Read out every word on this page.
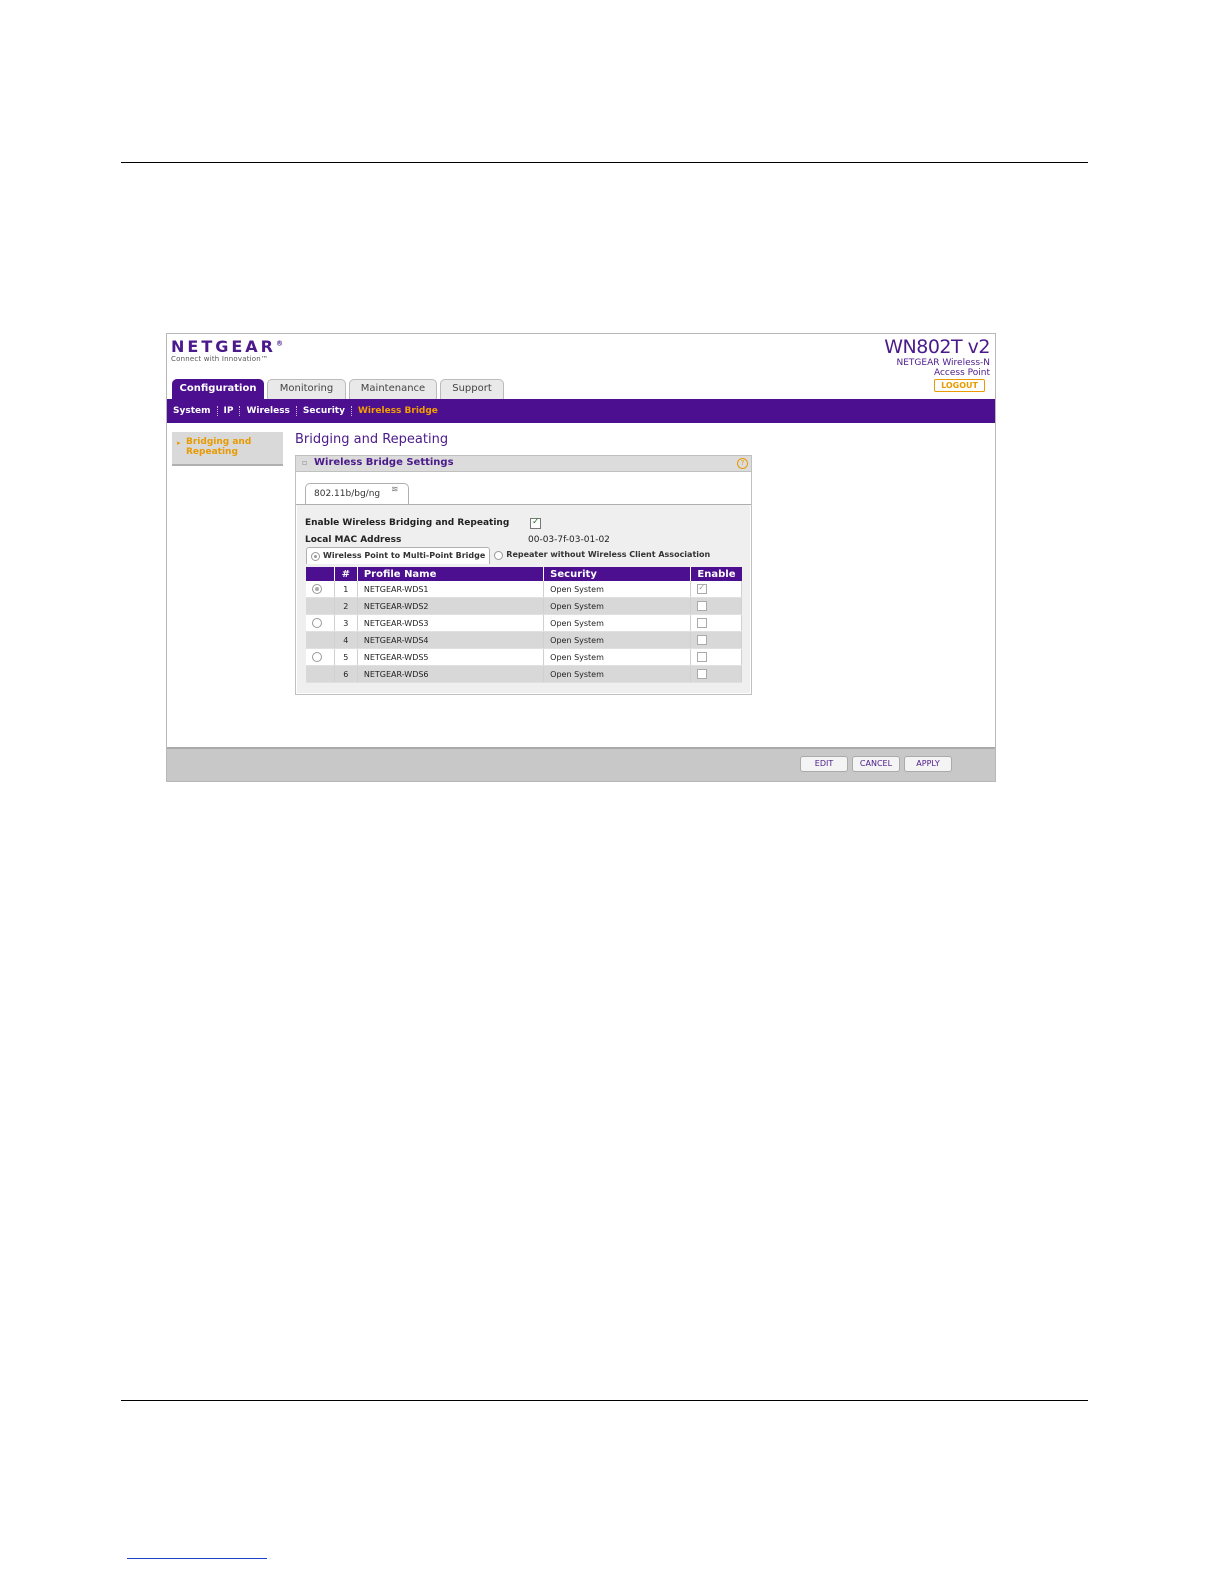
NETGEAR®
Connect with Innovation™
WN802T v2
NETGEAR Wireless-N
Access Point
LOGOUT
Configuration	Monitoring	Maintenance	Support
System	IP	Wireless	Security	Wireless Bridge
▸ Bridging and Repeating
Bridging and Repeating
▫ Wireless Bridge Settings	?
802.11b/bg/ng ≋
Enable Wireless Bridging and Repeating
✓
Local MAC Address	00-03-7f-03-01-02
Wireless Point to Multi-Point Bridge	Repeater without Wireless Client Association
	#	Profile Name	Security	Enable
	1	NETGEAR-WDS1	Open System	✓
	2	NETGEAR-WDS2	Open System	
	3	NETGEAR-WDS3	Open System	
	4	NETGEAR-WDS4	Open System	
	5	NETGEAR-WDS5	Open System	
	6	NETGEAR-WDS6	Open System	
EDIT	CANCEL	APPLY
